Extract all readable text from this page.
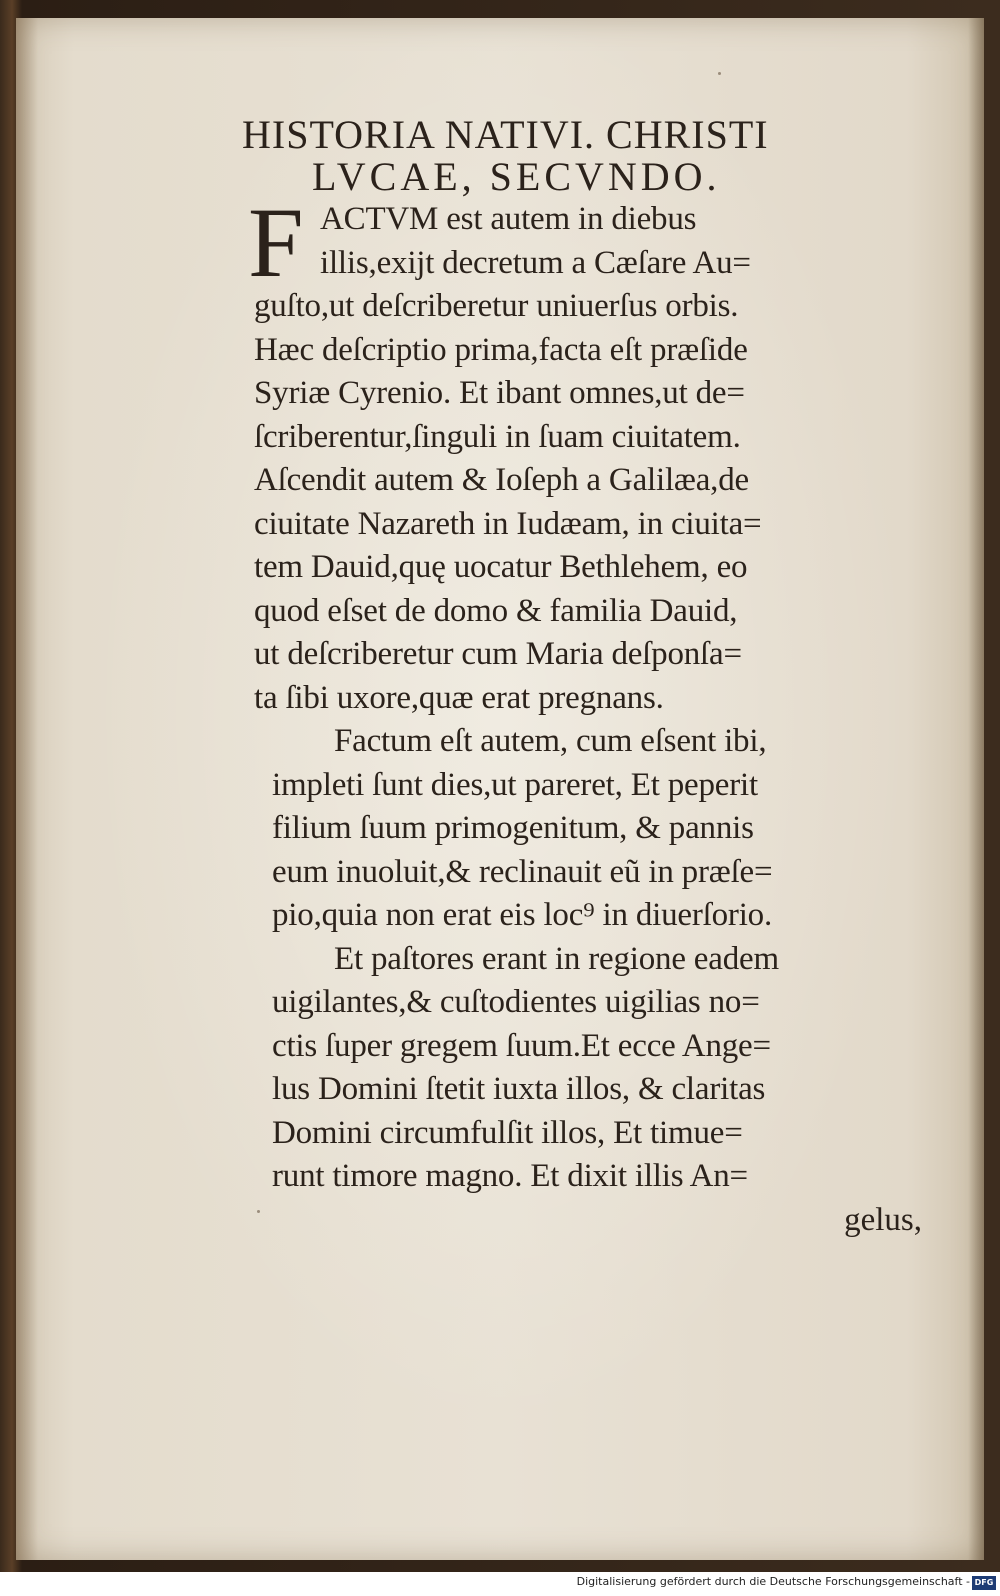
HISTORIA NATIVI. CHRISTI
LVCAE, SECVNDO.
F ACTVM est autem in diebus
illis,exijt decretum a Cæſare Au=
guſto,ut deſcriberetur uniuerſus orbis.
Hæc deſcriptio prima,facta eſt præſide
Syriæ Cyrenio. Et ibant omnes,ut de=
ſcriberentur,ſinguli in ſuam ciuitatem.
Aſcendit autem & Ioſeph a Galilæa,de
ciuitate Nazareth in Iudæam, in ciuita=
tem Dauid,quę uocatur Bethlehem, eo
quod eſset de domo & familia Dauid,
ut deſcriberetur cum Maria deſponſa=
ta ſibi uxore,quæ erat pregnans.
Factum eſt autem, cum eſsent ibi,
impleti ſunt dies,ut pareret, Et peperit
filium ſuum primogenitum, & pannis
eum inuoluit,& reclinauit eũ in præſe=
pio,quia non erat eis loc⁹ in diuerſorio.
Et paſtores erant in regione eadem
uigilantes,& cuſtodientes uigilias no=
ctis ſuper gregem ſuum.Et ecce Ange=
lus Domini ſtetit iuxta illos, & claritas
Domini circumfulſit illos, Et timue=
runt timore magno. Et dixit illis An=
gelus,
Digitalisierung gefördert durch die Deutsche Forschungsgemeinschaft - DFG
